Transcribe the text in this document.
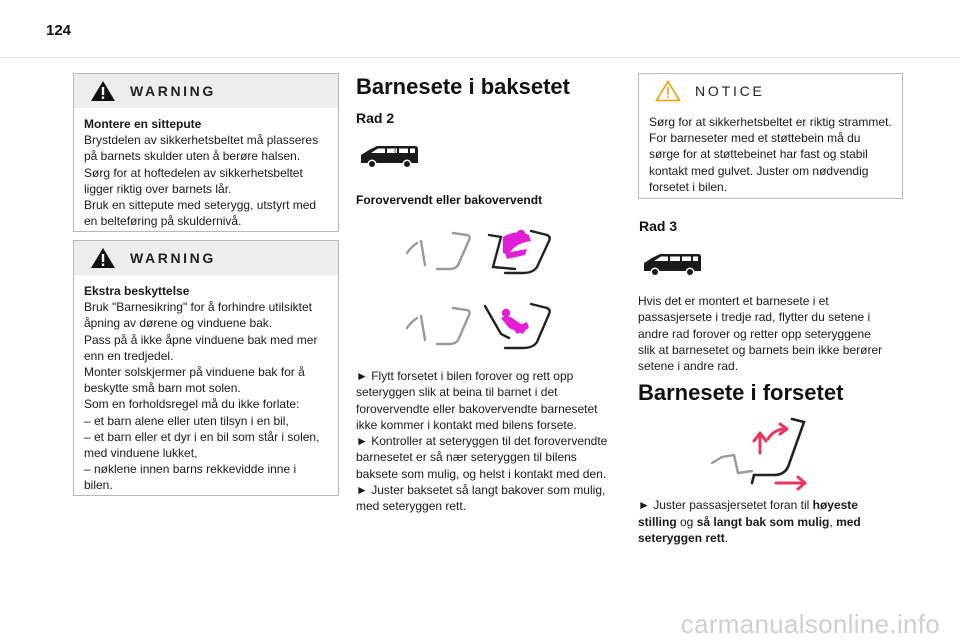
124
WARNING

Montere en sittepute

Brystdelen av sikkerhetsbeltet må plasseres

på barnets skulder uten å berøre halsen.

Sørg for at hoftedelen av sikkerhetsbeltet

ligger riktig over barnets lår.

Bruk en sittepute med seterygg, utstyrt med

en belteføring på skuldernivå.

WARNING

Ekstra beskyttelse

Bruk "Barnesikring" for å forhindre utilsiktet

åpning av dørene og vinduene bak.

Pass på å ikke åpne vinduene bak med mer

enn en tredjedel.

Monter solskjermer på vinduene bak for å

beskytte små barn mot solen.

Som en forholdsregel må du ikke forlate:

– et barn alene eller uten tilsyn i en bil,

– et barn eller et dyr i en bil som står i solen,

med vinduene lukket,

– nøklene innen barns rekkevidde inne i

bilen.

Barnesete i baksetet
Rad 2
8
Forovervendt eller bakovervendt

► Flytt forsetet i bilen forover og rett opp

seteryggen slik at beina til barnet i det

forovervendte eller bakovervendte barnesetet

ikke kommer i kontakt med bilens forsete.

► Kontroller at seteryggen til det forovervendte

barnesetet er så nær seteryggen til bilens

baksete som mulig, og helst i kontakt med den.

► Juster baksetet så langt bakover som mulig,

med seteryggen rett.

NOTICE

Sørg for at sikkerhetsbeltet er riktig strammet.

For barneseter med et støttebein må du

sørge for at støttebeinet har fast og stabil

kontakt med gulvet. Juster om nødvendig

forsetet i bilen.

Rad 3

Hvis det er montert et barnesete i et

passasjersete i tredje rad, flytter du setene i

andre rad forover og retter opp seteryggene

slik at barnesetet og barnets bein ikke berører

setene i andre rad.

Barnesete i forsetet
► Juster passasjersetet foran til høyeste
stilling og så langt bak som mulig, med
seteryggen rett.
carmanualsonline.info
